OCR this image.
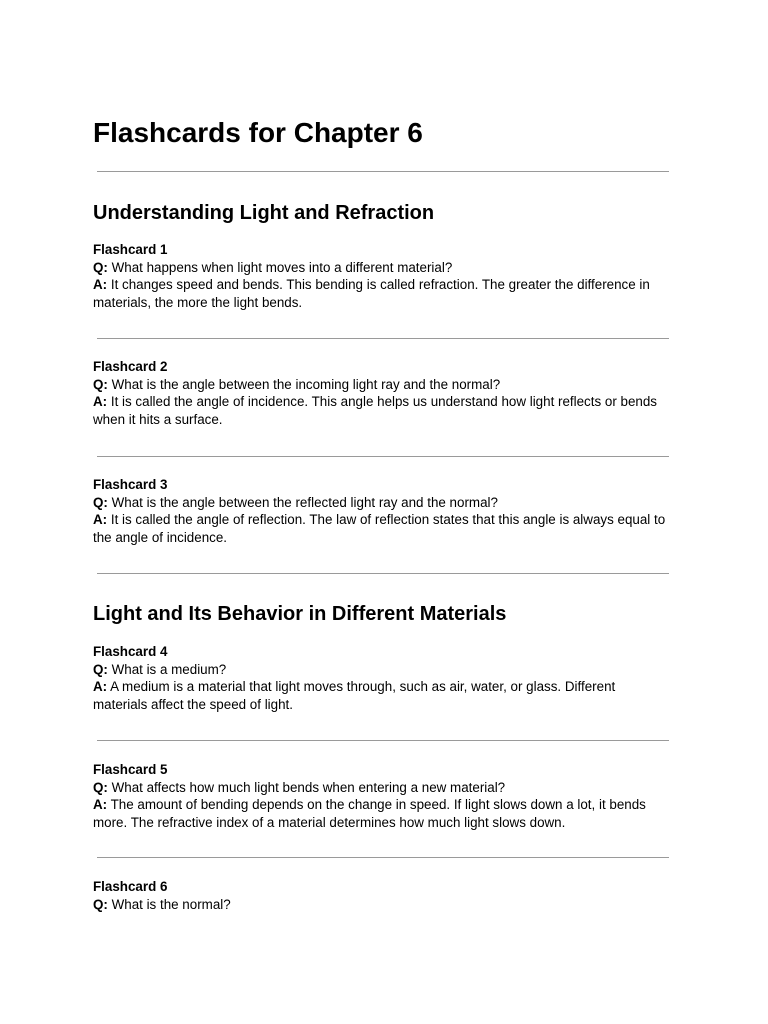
Flashcards for Chapter 6
Understanding Light and Refraction
Flashcard 1
Q: What happens when light moves into a different material?
A: It changes speed and bends. This bending is called refraction. The greater the difference in materials, the more the light bends.
Flashcard 2
Q: What is the angle between the incoming light ray and the normal?
A: It is called the angle of incidence. This angle helps us understand how light reflects or bends when it hits a surface.
Flashcard 3
Q: What is the angle between the reflected light ray and the normal?
A: It is called the angle of reflection. The law of reflection states that this angle is always equal to the angle of incidence.
Light and Its Behavior in Different Materials
Flashcard 4
Q: What is a medium?
A: A medium is a material that light moves through, such as air, water, or glass. Different materials affect the speed of light.
Flashcard 5
Q: What affects how much light bends when entering a new material?
A: The amount of bending depends on the change in speed. If light slows down a lot, it bends more. The refractive index of a material determines how much light slows down.
Flashcard 6
Q: What is the normal?
